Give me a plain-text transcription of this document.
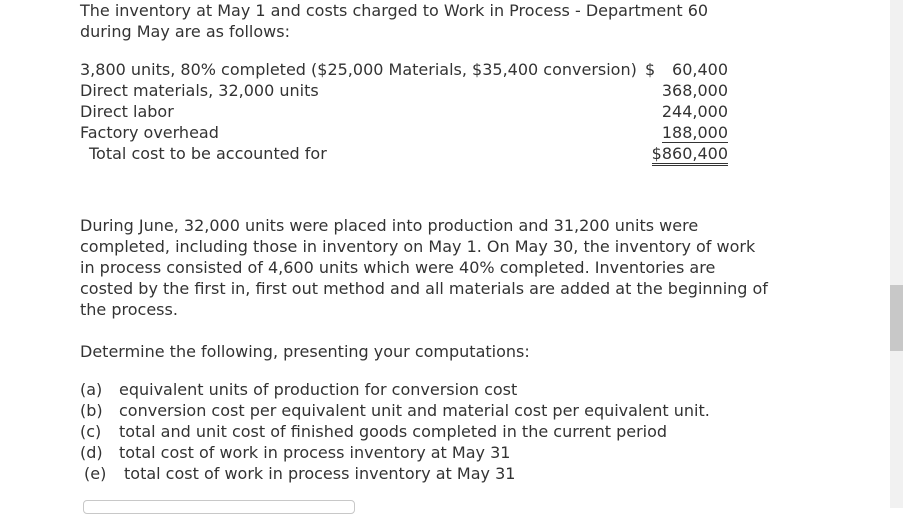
The inventory at May 1 and costs charged to Work in Process - Department 60
during May are as follows:
3,800 units, 80% completed ($25,000 Materials, $35,400 conversion) $ 60,400
Direct materials, 32,000 units	368,000
Direct labor	244,000
Factory overhead	188,000
Total cost to be accounted for	$860,400
During June, 32,000 units were placed into production and 31,200 units were
completed, including those in inventory on May 1. On May 30, the inventory of work
in process consisted of 4,600 units which were 40% completed. Inventories are
costed by the first in, first out method and all materials are added at the beginning of
the process.
Determine the following, presenting your computations:
(a) equivalent units of production for conversion cost
(b) conversion cost per equivalent unit and material cost per equivalent unit.
(c) total and unit cost of finished goods completed in the current period
(d) total cost of work in process inventory at May 31
(e) total cost of work in process inventory at May 31
